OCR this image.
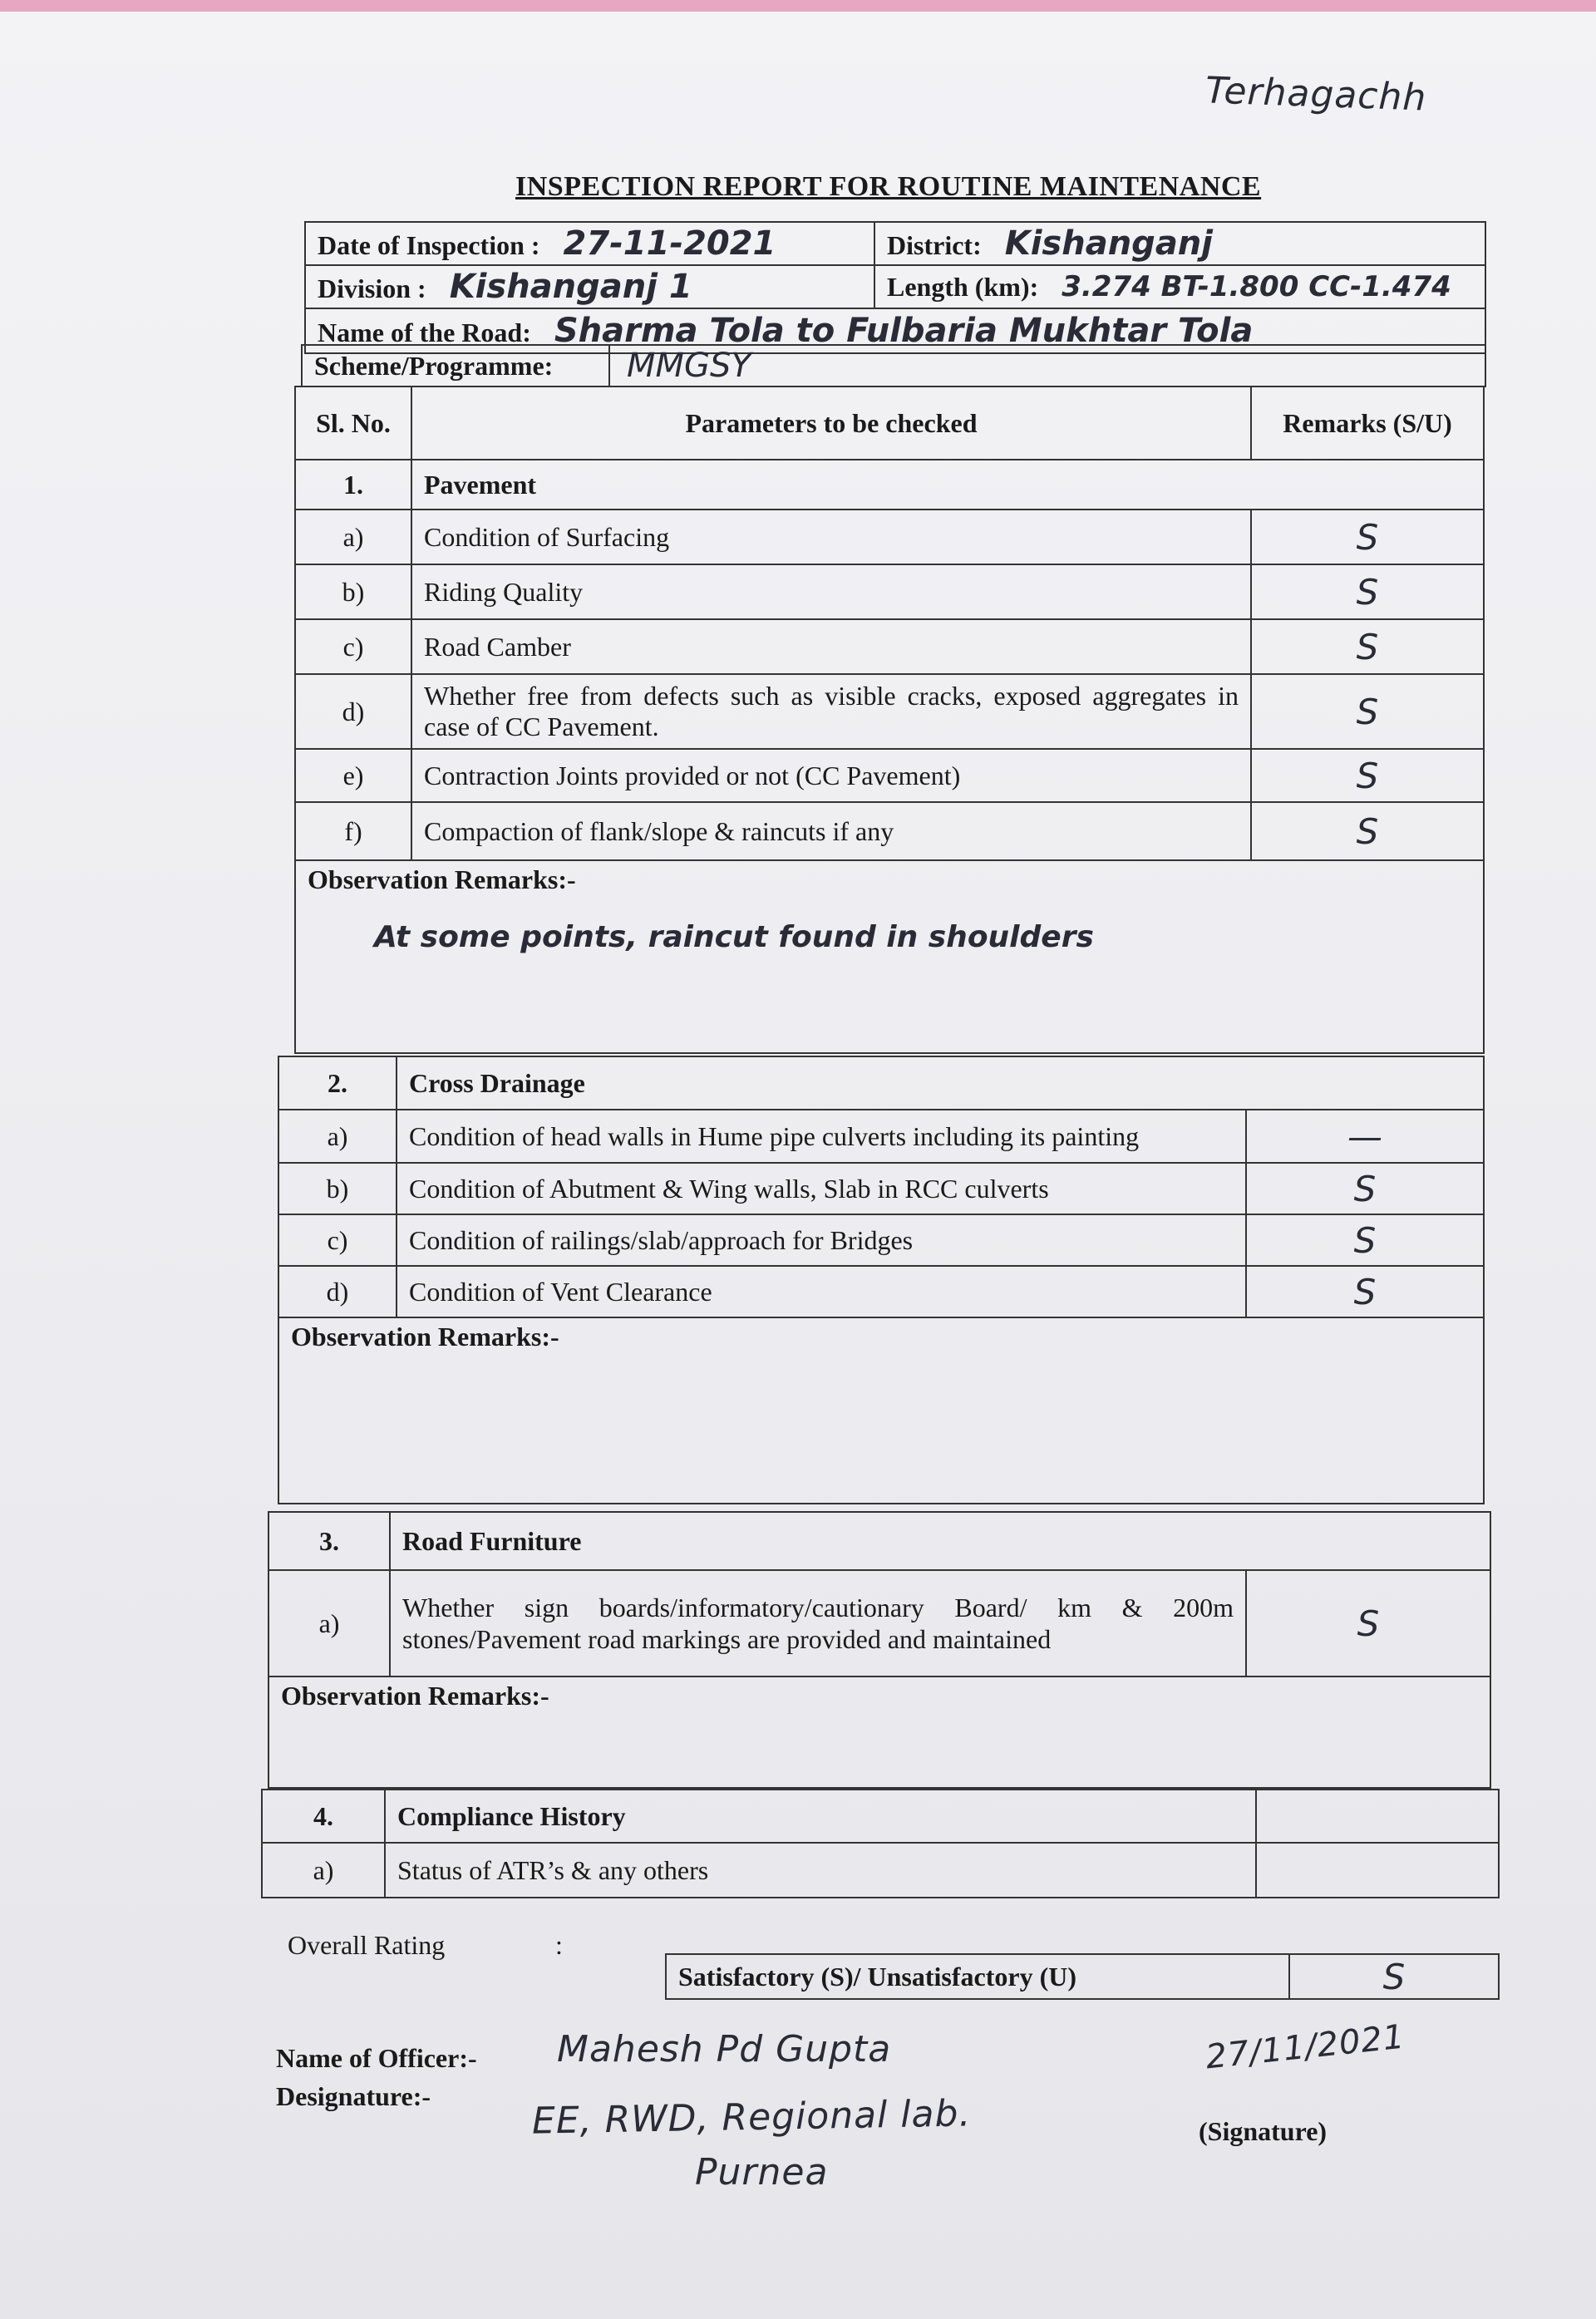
Terhagachh
INSPECTION REPORT FOR ROUTINE MAINTENANCE
Date of Inspection : 27-11-2021	District: Kishanganj
Division : Kishanganj 1	Length (km): 3.274 BT-1.800 CC-1.474
Name of the Road: Sharma Tola to Fulbaria Mukhtar Tola	
Scheme/Programme:	MMGSY
Sl. No.	Parameters to be checked	Remarks (S/U)
1.	Pavement	
a)	Condition of Surfacing	S
b)	Riding Quality	S
c)	Road Camber	S
d)	Whether free from defects such as visible cracks, exposed aggregates in case of CC Pavement.	S
e)	Contraction Joints provided or not (CC Pavement)	S
f)	Compaction of flank/slope & raincuts if any	S
Observation Remarks:-
At some points, raincut found in shoulders		
2.	Cross Drainage	
a)	Condition of head walls in Hume pipe culverts including its painting	—
b)	Condition of Abutment & Wing walls, Slab in RCC culverts	S
c)	Condition of railings/slab/approach for Bridges	S
d)	Condition of Vent Clearance	S
Observation Remarks:-		
3.	Road Furniture	
a)	Whether sign boards/informatory/cautionary Board/ km & 200m stones/Pavement road markings are provided and maintained	S
Observation Remarks:-		
4.	Compliance History	
a)	Status of ATR’s & any others	
Overall Rating	:
Satisfactory (S)/ Unsatisfactory (U)	S
Name of Officer:- Mahesh Pd Gupta
Designature:-	EE, RWD, Regional lab.
Purnea
27/11/2021
(Signature)
